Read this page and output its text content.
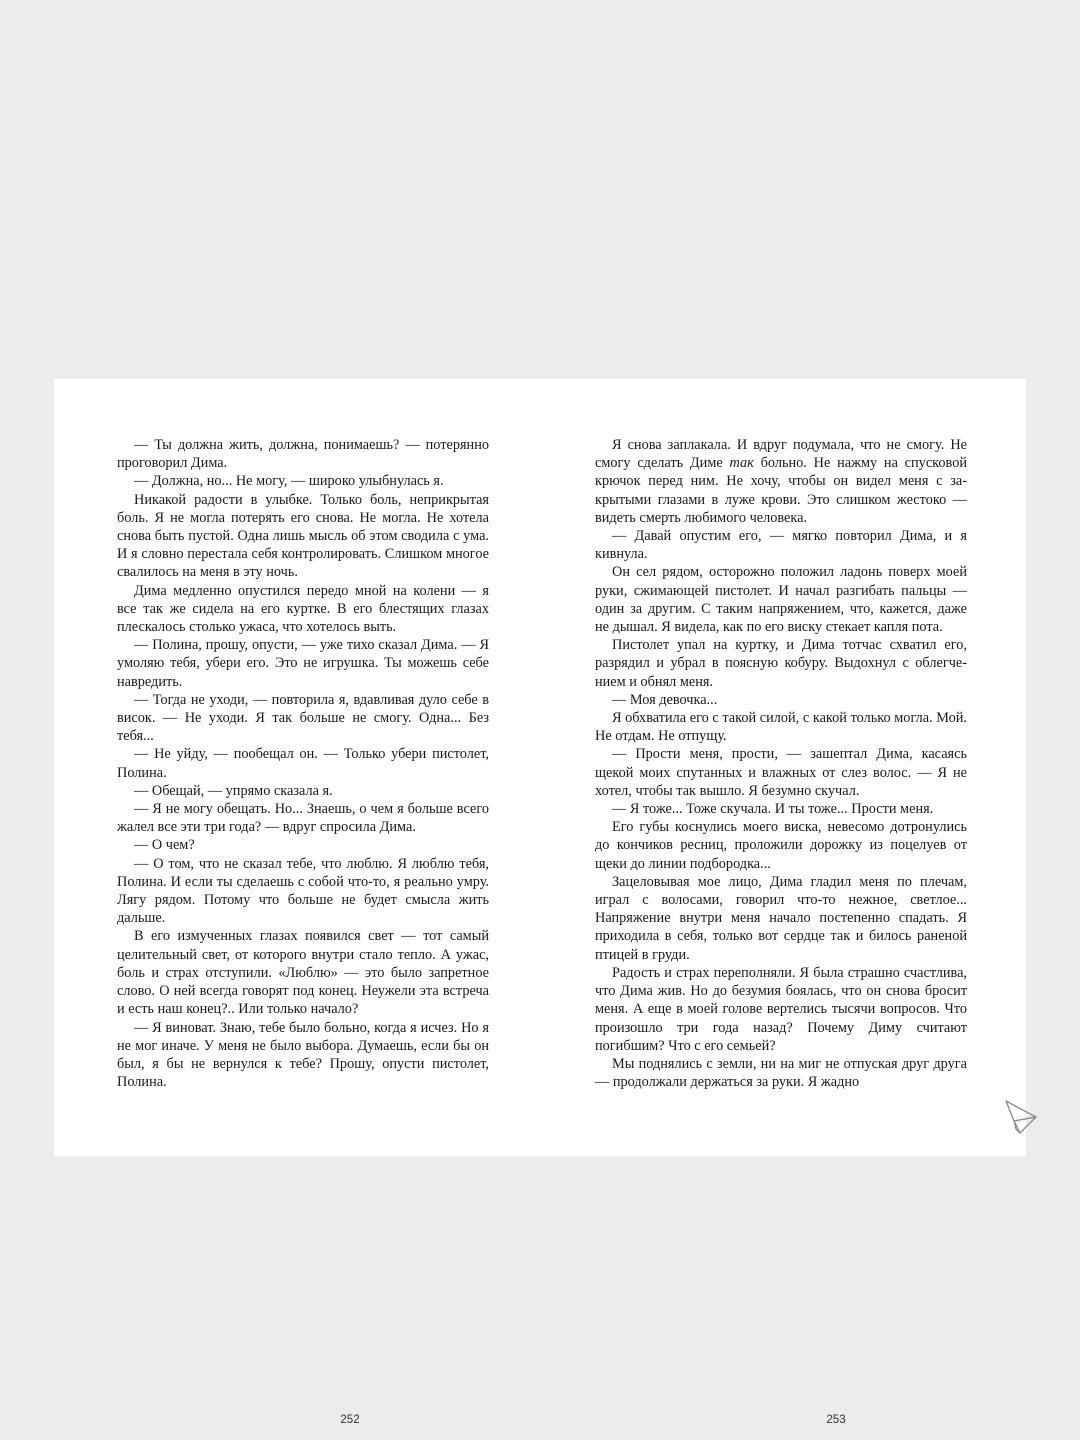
— Ты должна жить, должна, понимаешь? — потерянно проговорил Дима.

— Должна, но... Не могу, — широко улыбнулась я.

Никакой радости в улыбке. Только боль, неприкрытая боль. Я не могла потерять его снова. Не могла. Не хотела снова быть пустой. Одна лишь мысль об этом сводила с ума. И я словно перестала себя контролировать. Слишком многое свалилось на меня в эту ночь.

Дима медленно опустился передо мной на колени — я все так же сидела на его куртке. В его блестящих глазах плескалось столько ужаса, что хотелось выть.

— Полина, прошу, опусти, — уже тихо сказал Дима. — Я умоляю тебя, убери его. Это не игрушка. Ты можешь себе навредить.

— Тогда не уходи, — повторила я, вдавливая дуло себе в висок. — Не уходи. Я так больше не смогу. Одна... Без тебя...

— Не уйду, — пообещал он. — Только убери пистолет, Полина.

— Обещай, — упрямо сказала я.

— Я не могу обещать. Но... Знаешь, о чем я больше всего жалел все эти три года? — вдруг спросила Дима.

— О чем?

— О том, что не сказал тебе, что люблю. Я люблю тебя, Полина. И если ты сделаешь с собой что-то, я реально умру. Лягу рядом. Потому что больше не будет смысла жить дальше.

В его измученных глазах появился свет — тот самый целительный свет, от которого внутри стало тепло. А ужас, боль и страх отступили. «Люблю» — это было запретное слово. О ней всегда говорят под конец. Неужели эта встреча и есть наш конец?.. Или только начало?

— Я виноват. Знаю, тебе было больно, когда я исчез. Но я не мог иначе. У меня не было выбора. Думаешь, если бы он был, я бы не вернулся к тебе? Прошу, опусти пистолет, Полина.

Я снова заплакала. И вдруг подумала, что не смогу. Не смогу сделать Диме так больно. Не нажму на спусковой крючок перед ним. Не хочу, чтобы он видел меня с закрытыми глазами в луже крови. Это слишком жестоко — видеть смерть любимого человека.

— Давай опустим его, — мягко повторил Дима, и я кивнула.

Он сел рядом, осторожно положил ладонь поверх моей руки, сжимающей пистолет. И начал разгибать пальцы — один за другим. С таким напряжением, что, кажется, даже не дышал. Я видела, как по его виску стекает капля пота.

Пистолет упал на куртку, и Дима тотчас схватил его, разрядил и убрал в поясную кобуру. Выдохнул с облегчением и обнял меня.

— Моя девочка...

Я обхватила его с такой силой, с какой только могла. Мой. Не отдам. Не отпущу.

— Прости меня, прости, — зашептал Дима, касаясь щекой моих спутанных и влажных от слез волос. — Я не хотел, чтобы так вышло. Я безумно скучал.

— Я тоже... Тоже скучала. И ты тоже... Прости меня.

Его губы коснулись моего виска, невесомо дотронулись до кончиков ресниц, проложили дорожку из поцелуев от щеки до линии подбородка...

Зацеловывая мое лицо, Дима гладил меня по плечам, играл с волосами, говорил что-то нежное, светлое... Напряжение внутри меня начало постепенно спадать. Я приходила в себя, только вот сердце так и билось раненой птицей в груди.

Радость и страх переполняли. Я была страшно счастлива, что Дима жив. Но до безумия боялась, что он снова бросит меня. А еще в моей голове вертелись тысячи вопросов. Что произошло три года назад? Почему Диму считают погибшим? Что с его семьей?

Мы поднялись с земли, ни на миг не отпуская друг друга — продолжали держаться за руки. Я жадно

252	253
